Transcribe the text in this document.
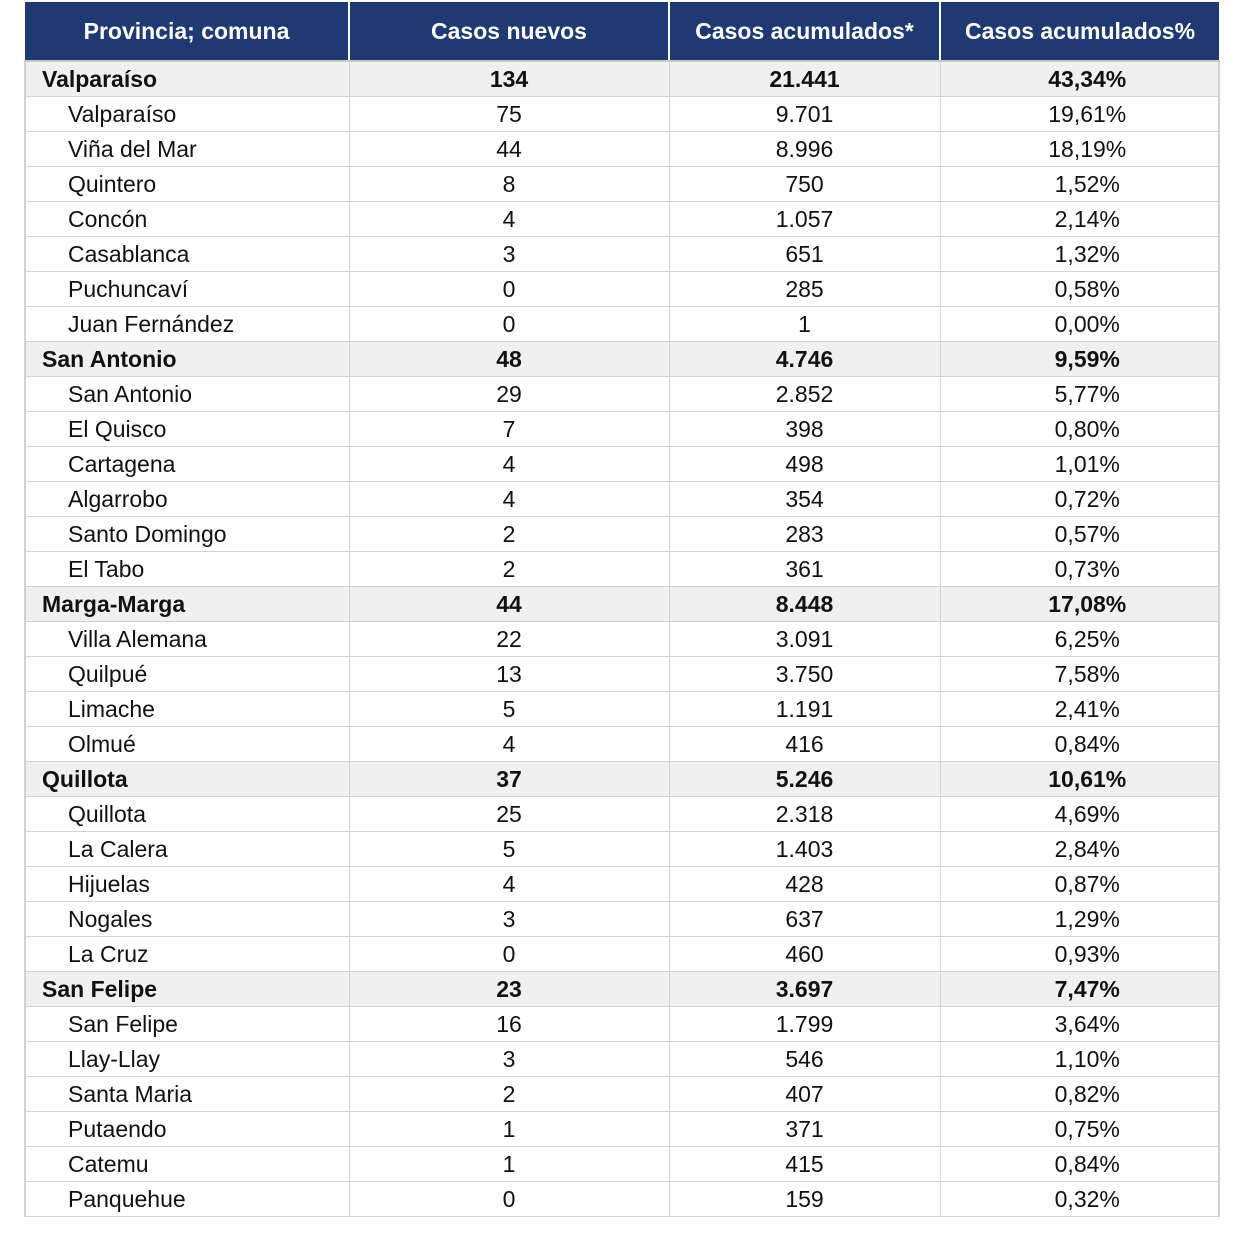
Provincia; comuna	Casos nuevos	Casos acumulados*	Casos acumulados%
Valparaíso	134	21.441	43,34%
Valparaíso	75	9.701	19,61%
Viña del Mar	44	8.996	18,19%
Quintero	8	750	1,52%
Concón	4	1.057	2,14%
Casablanca	3	651	1,32%
Puchuncaví	0	285	0,58%
Juan Fernández	0	1	0,00%
San Antonio	48	4.746	9,59%
San Antonio	29	2.852	5,77%
El Quisco	7	398	0,80%
Cartagena	4	498	1,01%
Algarrobo	4	354	0,72%
Santo Domingo	2	283	0,57%
El Tabo	2	361	0,73%
Marga-Marga	44	8.448	17,08%
Villa Alemana	22	3.091	6,25%
Quilpué	13	3.750	7,58%
Limache	5	1.191	2,41%
Olmué	4	416	0,84%
Quillota	37	5.246	10,61%
Quillota	25	2.318	4,69%
La Calera	5	1.403	2,84%
Hijuelas	4	428	0,87%
Nogales	3	637	1,29%
La Cruz	0	460	0,93%
San Felipe	23	3.697	7,47%
San Felipe	16	1.799	3,64%
Llay-Llay	3	546	1,10%
Santa Maria	2	407	0,82%
Putaendo	1	371	0,75%
Catemu	1	415	0,84%
Panquehue	0	159	0,32%
